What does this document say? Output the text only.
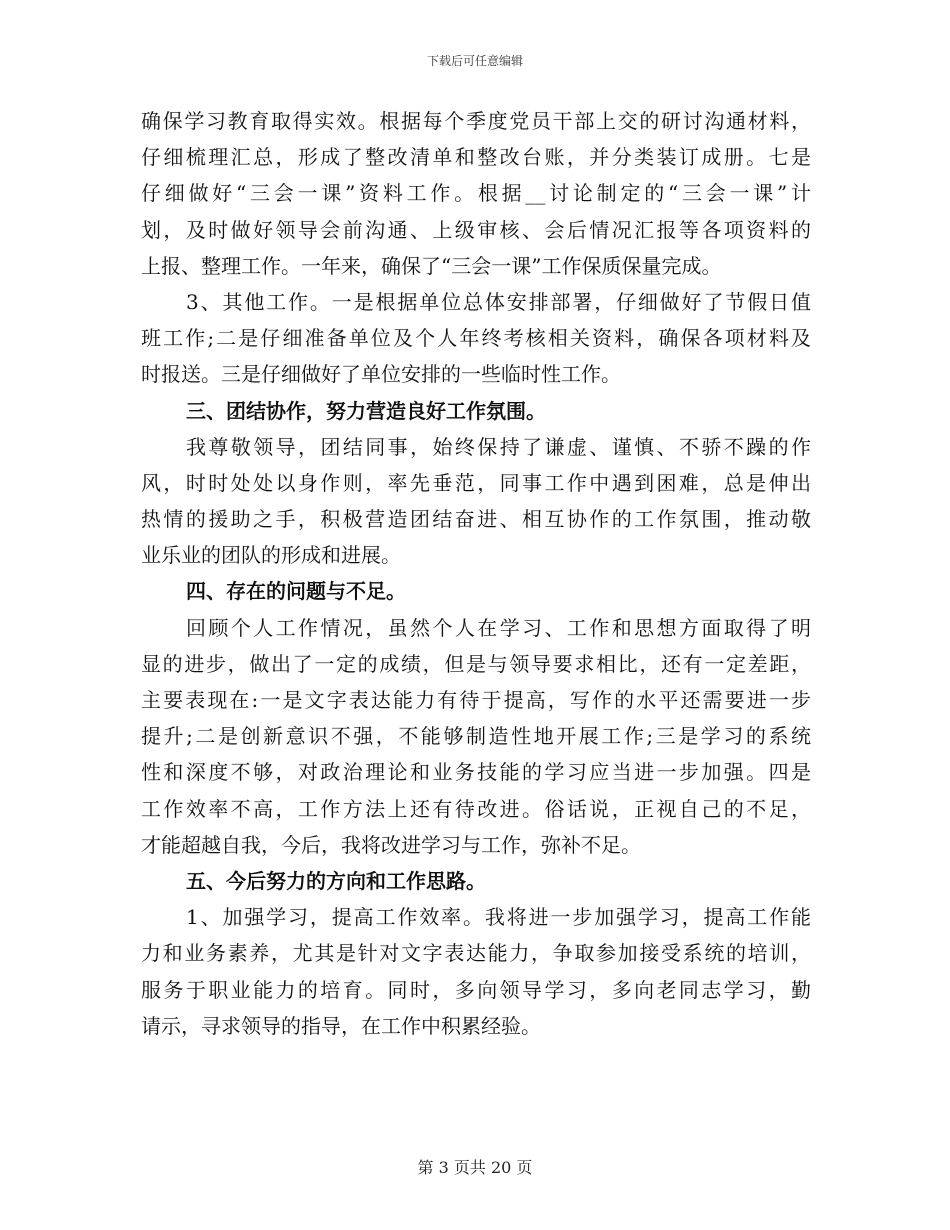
下载后可任意编辑
确保学习教育取得实效。根据每个季度党员干部上交的研讨沟通材料，
仔细梳理汇总，形成了整改清单和整改台账，并分类装订成册。七是
仔细做好“三会一课”资料工作。根据__讨论制定的“三会一课”计
划，及时做好领导会前沟通、上级审核、会后情况汇报等各项资料的
上报、整理工作。一年来，确保了“三会一课”工作保质保量完成。
3、其他工作。一是根据单位总体安排部署，仔细做好了节假日值
班工作;二是仔细准备单位及个人年终考核相关资料，确保各项材料及
时报送。三是仔细做好了单位安排的一些临时性工作。
三、团结协作，努力营造良好工作氛围。
我尊敬领导，团结同事，始终保持了谦虚、谨慎、不骄不躁的作
风，时时处处以身作则，率先垂范，同事工作中遇到困难，总是伸出
热情的援助之手，积极营造团结奋进、相互协作的工作氛围，推动敬
业乐业的团队的形成和进展。
四、存在的问题与不足。
回顾个人工作情况，虽然个人在学习、工作和思想方面取得了明
显的进步，做出了一定的成绩，但是与领导要求相比，还有一定差距，
主要表现在:一是文字表达能力有待于提高，写作的水平还需要进一步
提升;二是创新意识不强，不能够制造性地开展工作;三是学习的系统
性和深度不够，对政治理论和业务技能的学习应当进一步加强。四是
工作效率不高，工作方法上还有待改进。俗话说，正视自己的不足，
才能超越自我，今后，我将改进学习与工作，弥补不足。
五、今后努力的方向和工作思路。
1、加强学习，提高工作效率。我将进一步加强学习，提高工作能
力和业务素养，尤其是针对文字表达能力，争取参加接受系统的培训，
服务于职业能力的培育。同时，多向领导学习，多向老同志学习，勤
请示，寻求领导的指导，在工作中积累经验。
第 3 页共 20 页
